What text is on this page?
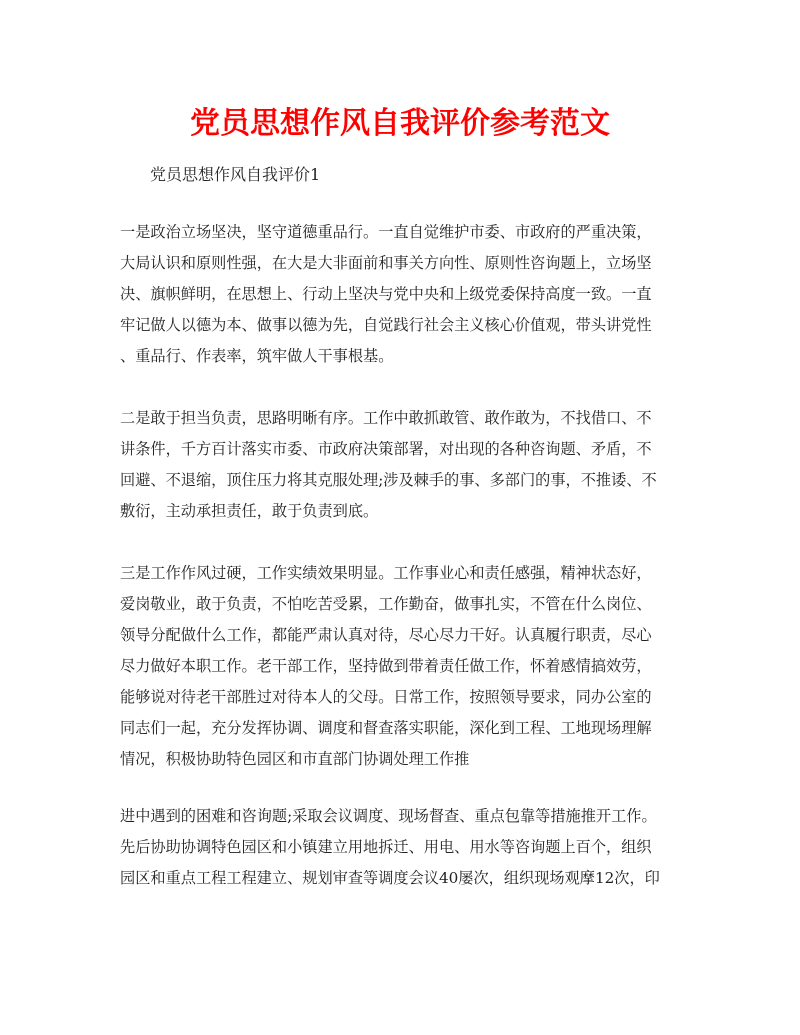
党员思想作风自我评价参考范文

党员思想作风自我评价1

一是政治立场坚决，坚守道德重品行。一直自觉维护市委、市政府的严重决策，
大局认识和原则性强，在大是大非面前和事关方向性、原则性咨询题上，立场坚
决、旗帜鲜明，在思想上、行动上坚决与党中央和上级党委保持高度一致。一直
牢记做人以德为本、做事以德为先，自觉践行社会主义核心价值观，带头讲党性
、重品行、作表率，筑牢做人干事根基。

二是敢于担当负责，思路明晰有序。工作中敢抓敢管、敢作敢为，不找借口、不
讲条件，千方百计落实市委、市政府决策部署，对出现的各种咨询题、矛盾，不
回避、不退缩，顶住压力将其克服处理;涉及棘手的事、多部门的事，不推诿、不
敷衍，主动承担责任，敢于负责到底。

三是工作作风过硬，工作实绩效果明显。工作事业心和责任感强，精神状态好，
爱岗敬业，敢于负责，不怕吃苦受累，工作勤奋，做事扎实，不管在什么岗位、
领导分配做什么工作，都能严肃认真对待，尽心尽力干好。认真履行职责，尽心
尽力做好本职工作。老干部工作，坚持做到带着责任做工作，怀着感情搞效劳，
能够说对待老干部胜过对待本人的父母。日常工作，按照领导要求，同办公室的
同志们一起，充分发挥协调、调度和督查落实职能，深化到工程、工地现场理解
情况，积极协助特色园区和市直部门协调处理工作推

进中遇到的困难和咨询题;采取会议调度、现场督查、重点包靠等措施推开工作。
先后协助协调特色园区和小镇建立用地拆迁、用电、用水等咨询题上百个，组织
园区和重点工程工程建立、规划审查等调度会议40屡次，组织现场观摩12次，印
